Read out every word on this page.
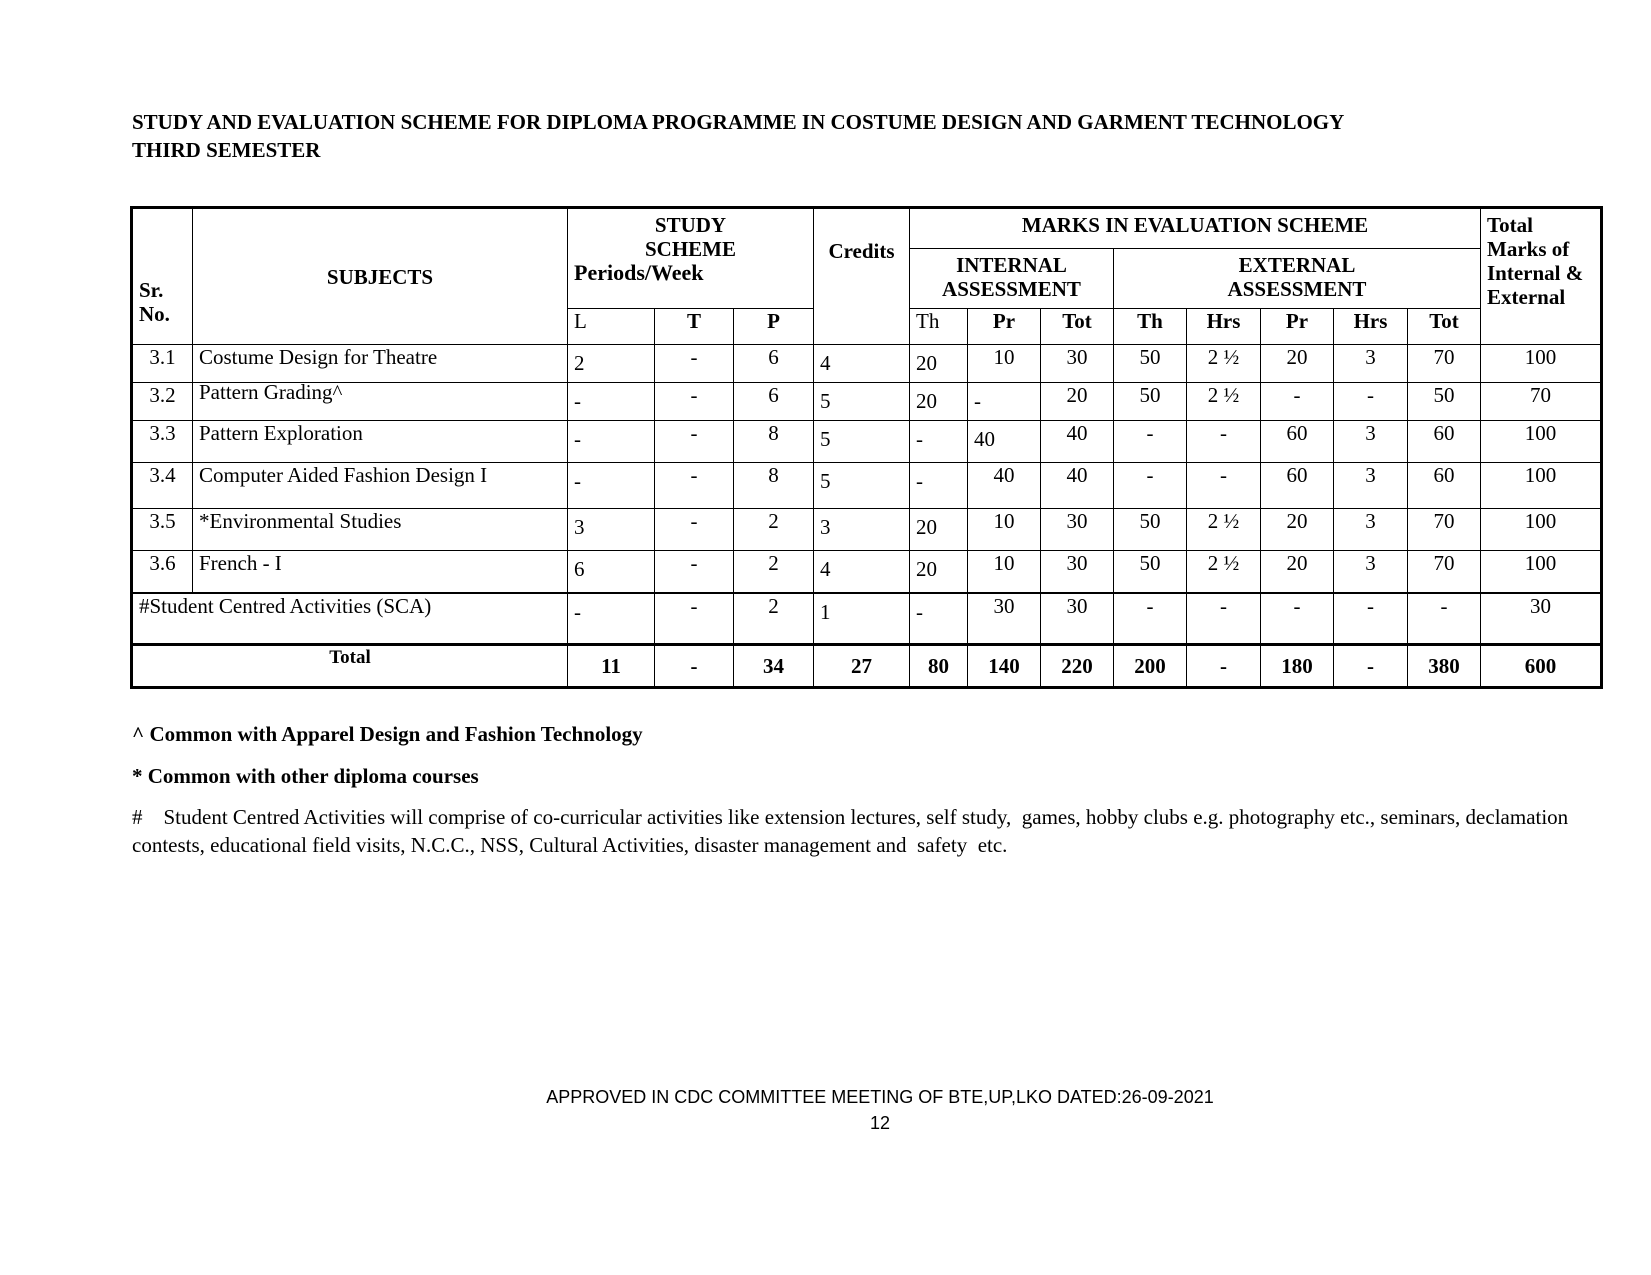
STUDY AND EVALUATION SCHEME FOR DIPLOMA PROGRAMME IN COSTUME DESIGN AND GARMENT TECHNOLOGY
THIRD SEMESTER
Sr. No.	SUBJECTS	STUDY SCHEME
Periods/Week			Credits	MARKS IN EVALUATION SCHEME								Total Marks of Internal & External
						INTERNAL ASSESSMENT			EXTERNAL ASSESSMENT					
		L	T	P		Th	Pr	Tot	Th	Hrs	Pr	Hrs	Tot	
3.1	Costume Design for Theatre	2	-	6	4	20	10	30	50	2 ½	20	3	70	100
3.2	Pattern Grading^	-	-	6	5	20	-	20	50	2 ½	-	-	50	70
3.3	Pattern Exploration	-	-	8	5	-	40	40	-	-	60	3	60	100
3.4	Computer Aided Fashion Design I	-	-	8	5	-	40	40	-	-	60	3	60	100
3.5	*Environmental Studies	3	-	2	3	20	10	30	50	2 ½	20	3	70	100
3.6	French - I	6	-	2	4	20	10	30	50	2 ½	20	3	70	100
#Student Centred Activities (SCA)		-	-	2	1	-	30	30	-	-	-	-	-	30
Total		11	-	34	27	80	140	220	200	-	180	-	380	600
^ Common with Apparel Design and Fashion Technology
* Common with other diploma courses
#    Student Centred Activities will comprise of co-curricular activities like extension lectures, self study,  games, hobby clubs e.g. photography etc., seminars, declamation contests, educational field visits, N.C.C., NSS, Cultural Activities, disaster management and  safety  etc.
APPROVED IN CDC COMMITTEE MEETING OF BTE,UP,LKO DATED:26-09-2021
12
